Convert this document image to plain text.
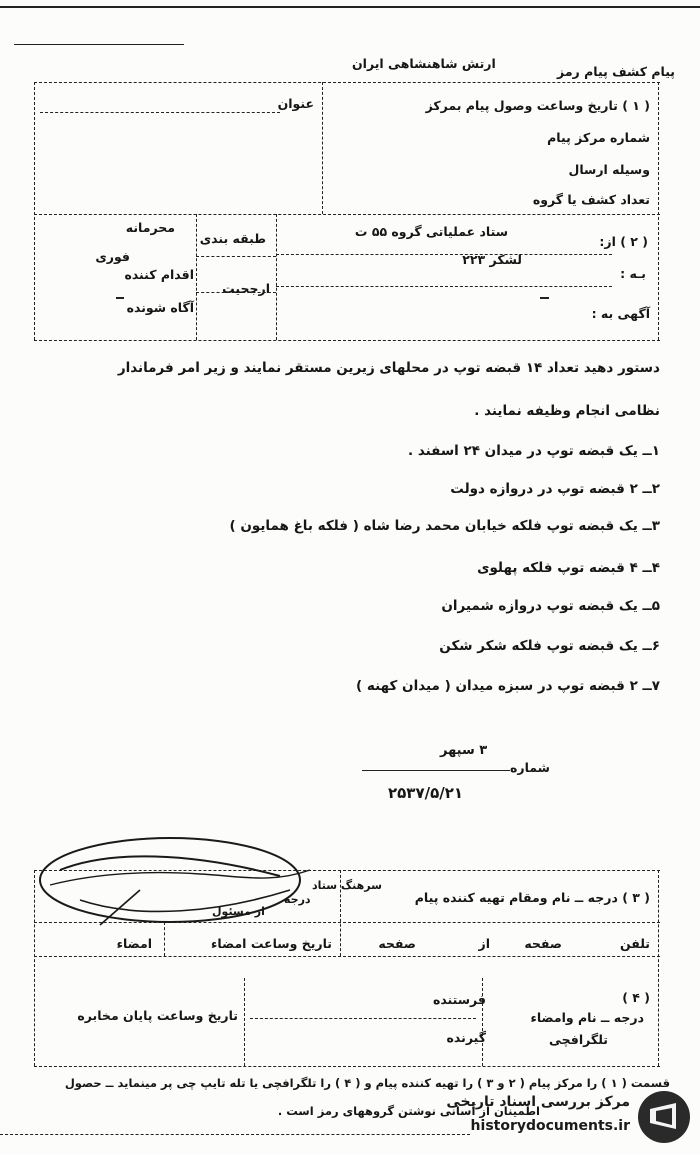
ارتش شاهنشاهی ایران
پیام کشف پیام رمز
عنوان	( ۱ ) تاریخ وساعت وصول پیام بمرکز
شماره مرکز پیام
وسیله ارسال
تعداد کشف یا گروه
محرمانه
طبقه بندی
فوری
اقدام کننده
ارجحیت
آگاه شونده
( ۲ ) از:
ستاد عملیاتی گروه ۵۵ ت
بـه :
لشکر ۲۲۳
آگهی به :
دستور دهید تعداد ۱۴ قبضه توپ در محلهای زیرین مستقر نمایند و زیر امر فرماندار
نظامی انجام وظیفه نمایند .
۱ــ یک قبضه توپ در میدان ۲۴ اسفند .
۲ــ ۲ قبضه توپ در دروازه دولت
۳ــ یک قبضه توپ فلکه خیابان محمد رضا شاه ( فلکه باغ همایون )
۴ــ ۴ قبضه توپ فلکه پهلوی
۵ــ یک قبضه توپ دروازه شمیران
۶ــ یک قبضه توپ فلکه شکر شکن
۷ــ ۲ قبضه توپ در سبزه میدان ( میدان کهنه )
۳ سپهر
شماره
۲۵۳۷/۵/۲۱
( ۳ ) درجه ــ نام ومقام تهیه کننده پیام
سرهنگ ستاد
درجه
از مسئول
تلفن
صفحه
از
صفحه
تاریخ وساعت امضاء
امضاء
( ۴ )
درجه ــ نام وامضاء
تلگرافچی
فرستنده
گیرنده
تاریخ وساعت پایان مخابره
قسمت ( ۱ ) را مرکز پیام ( ۲ و ۳ ) را تهیه کننده پیام و ( ۴ ) را تلگرافچی یا تله تایپ چی پر مینماید ــ حصول
اطمینان از آسانی نوشتن گروههای رمز است .
مرکز بررسی اسناد تاریخی
historydocuments.ir
